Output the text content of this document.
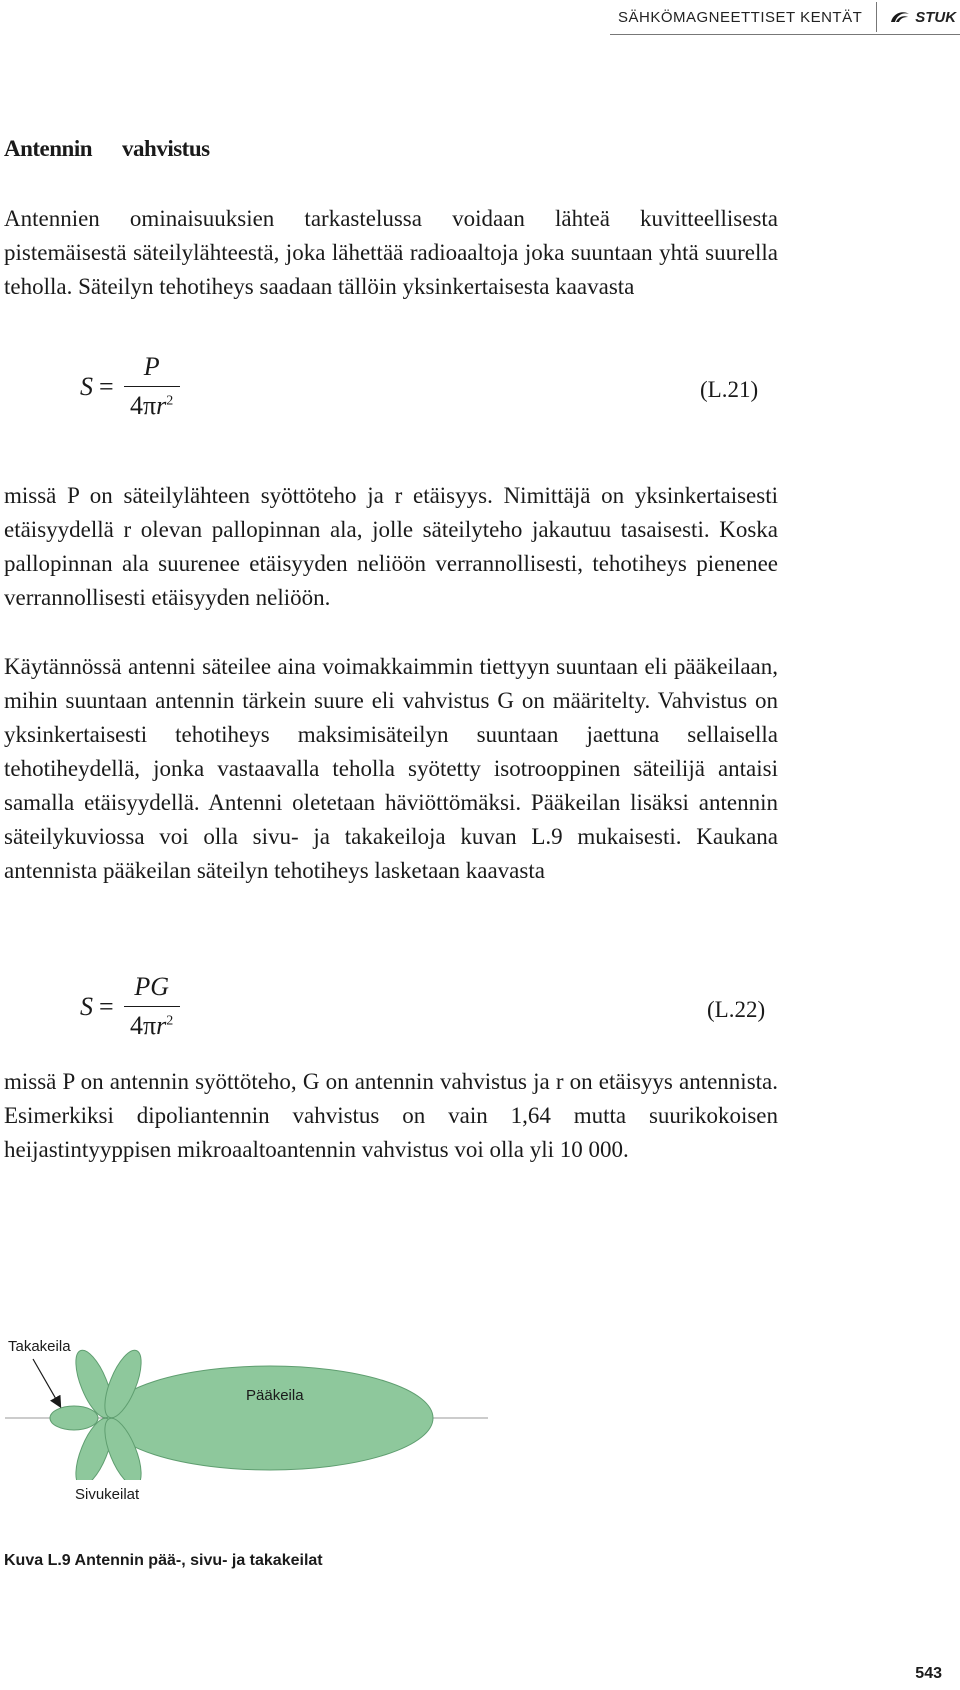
SÄHKÖMAGNEETTISET KENTÄT	STUK
Antennin vahvistus

Antennien ominaisuuksien tarkastelussa voidaan lähteä kuvitteellisesta pistemäisestä säteilylähteestä, joka lähettää radioaaltoja joka suuntaan yhtä suurella teholla. Säteilyn tehotiheys saadaan tällöin yksinkertaisesta kaavasta

$S = \frac{P}{4\pi r^2}$	(L.21)

missä P on säteilylähteen syöttöteho ja r etäisyys. Nimittäjä on yksinkertaisesti etäisyydellä r olevan pallopinnan ala, jolle säteilyteho jakautuu tasaisesti. Koska pallopinnan ala suurenee etäisyyden neliöön verrannollisesti, tehotiheys pienenee verrannollisesti etäisyyden neliöön.

Käytännössä antenni säteilee aina voimakkaimmin tiettyyn suuntaan eli pääkeilaan, mihin suuntaan antennin tärkein suure eli vahvistus G on määritelty. Vahvistus on yksinkertaisesti tehotiheys maksimisäteilyn suuntaan jaettuna sellaisella tehotiheydellä, jonka vastaavalla teholla syötetty isotrooppinen säteilijä antaisi samalla etäisyydellä. Antenni oletetaan häviöttömäksi. Pääkeilan lisäksi antennin säteilykuviossa voi olla sivu- ja takakeiloja kuvan L.9 mukaisesti. Kaukana antennista pääkeilan säteilyn tehotiheys lasketaan kaavasta

$S = \frac{PG}{4\pi r^2}$	(L.22)

missä P on antennin syöttöteho, G on antennin vahvistus ja r on etäisyys antennista. Esimerkiksi dipoliantennin vahvistus on vain 1,64 mutta suurikokoisen heijastintyyppisen mikroaaltoantennin vahvistus voi olla yli 10 000.

Takakeila
Pääkeila
Sivukeilat
Kuva L.9 Antennin pää-, sivu- ja takakeilat
543
